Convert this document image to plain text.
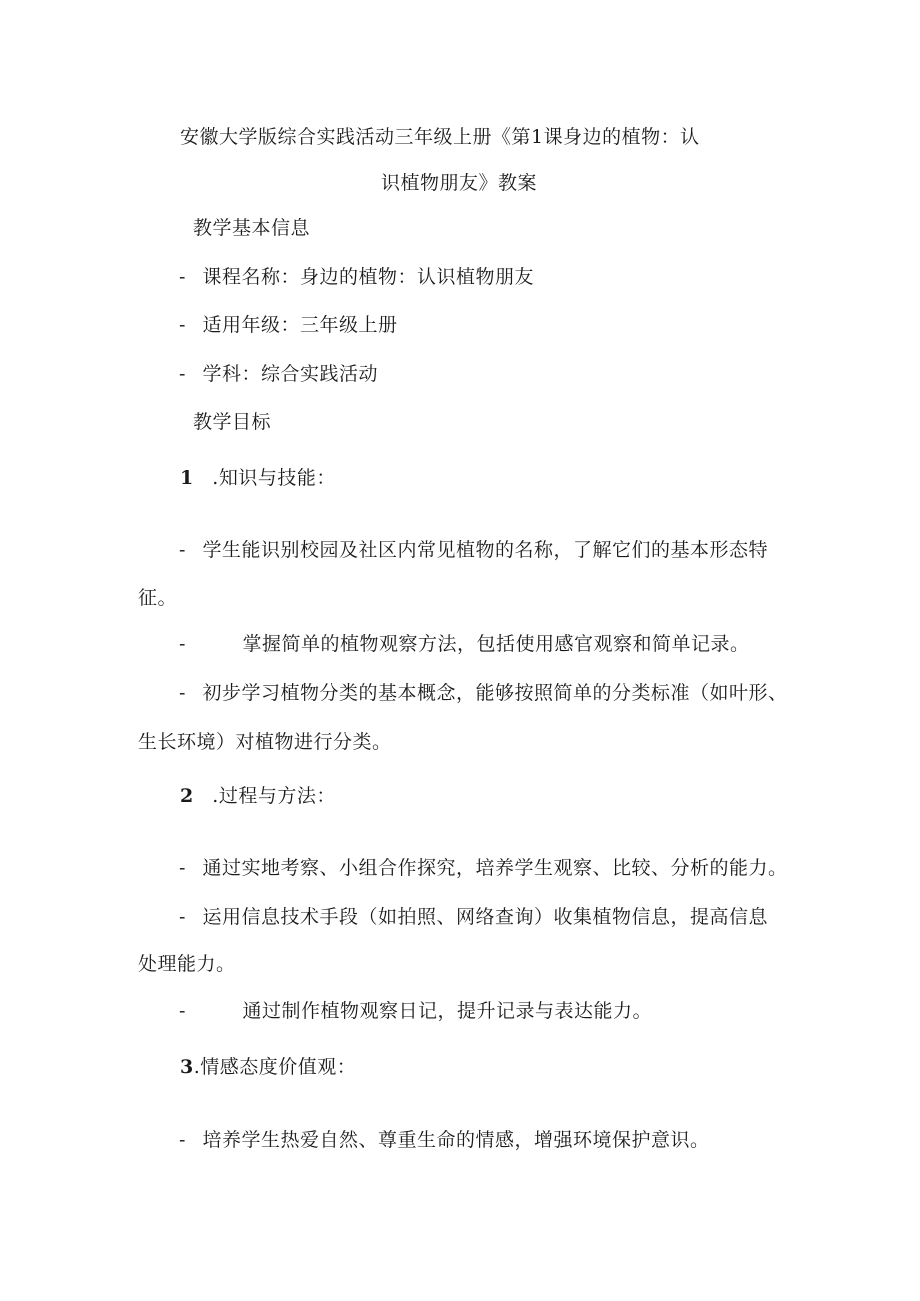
安徽大学版综合实践活动三年级上册《第1课身边的植物：认
识植物朋友》教案
教学基本信息
- 课程名称：身边的植物：认识植物朋友
- 适用年级：三年级上册
- 学科：综合实践活动
教学目标
1 .知识与技能：
- 学生能识别校园及社区内常见植物的名称，了解它们的基本形态特
征。
-	掌握简单的植物观察方法，包括使用感官观察和简单记录。
- 初步学习植物分类的基本概念，能够按照简单的分类标准（如叶形、
生长环境）对植物进行分类。
2 .过程与方法：
- 通过实地考察、小组合作探究，培养学生观察、比较、分析的能力。
- 运用信息技术手段（如拍照、网络查询）收集植物信息，提高信息
处理能力。
-	通过制作植物观察日记，提升记录与表达能力。
3.情感态度价值观：
- 培养学生热爱自然、尊重生命的情感，增强环境保护意识。
